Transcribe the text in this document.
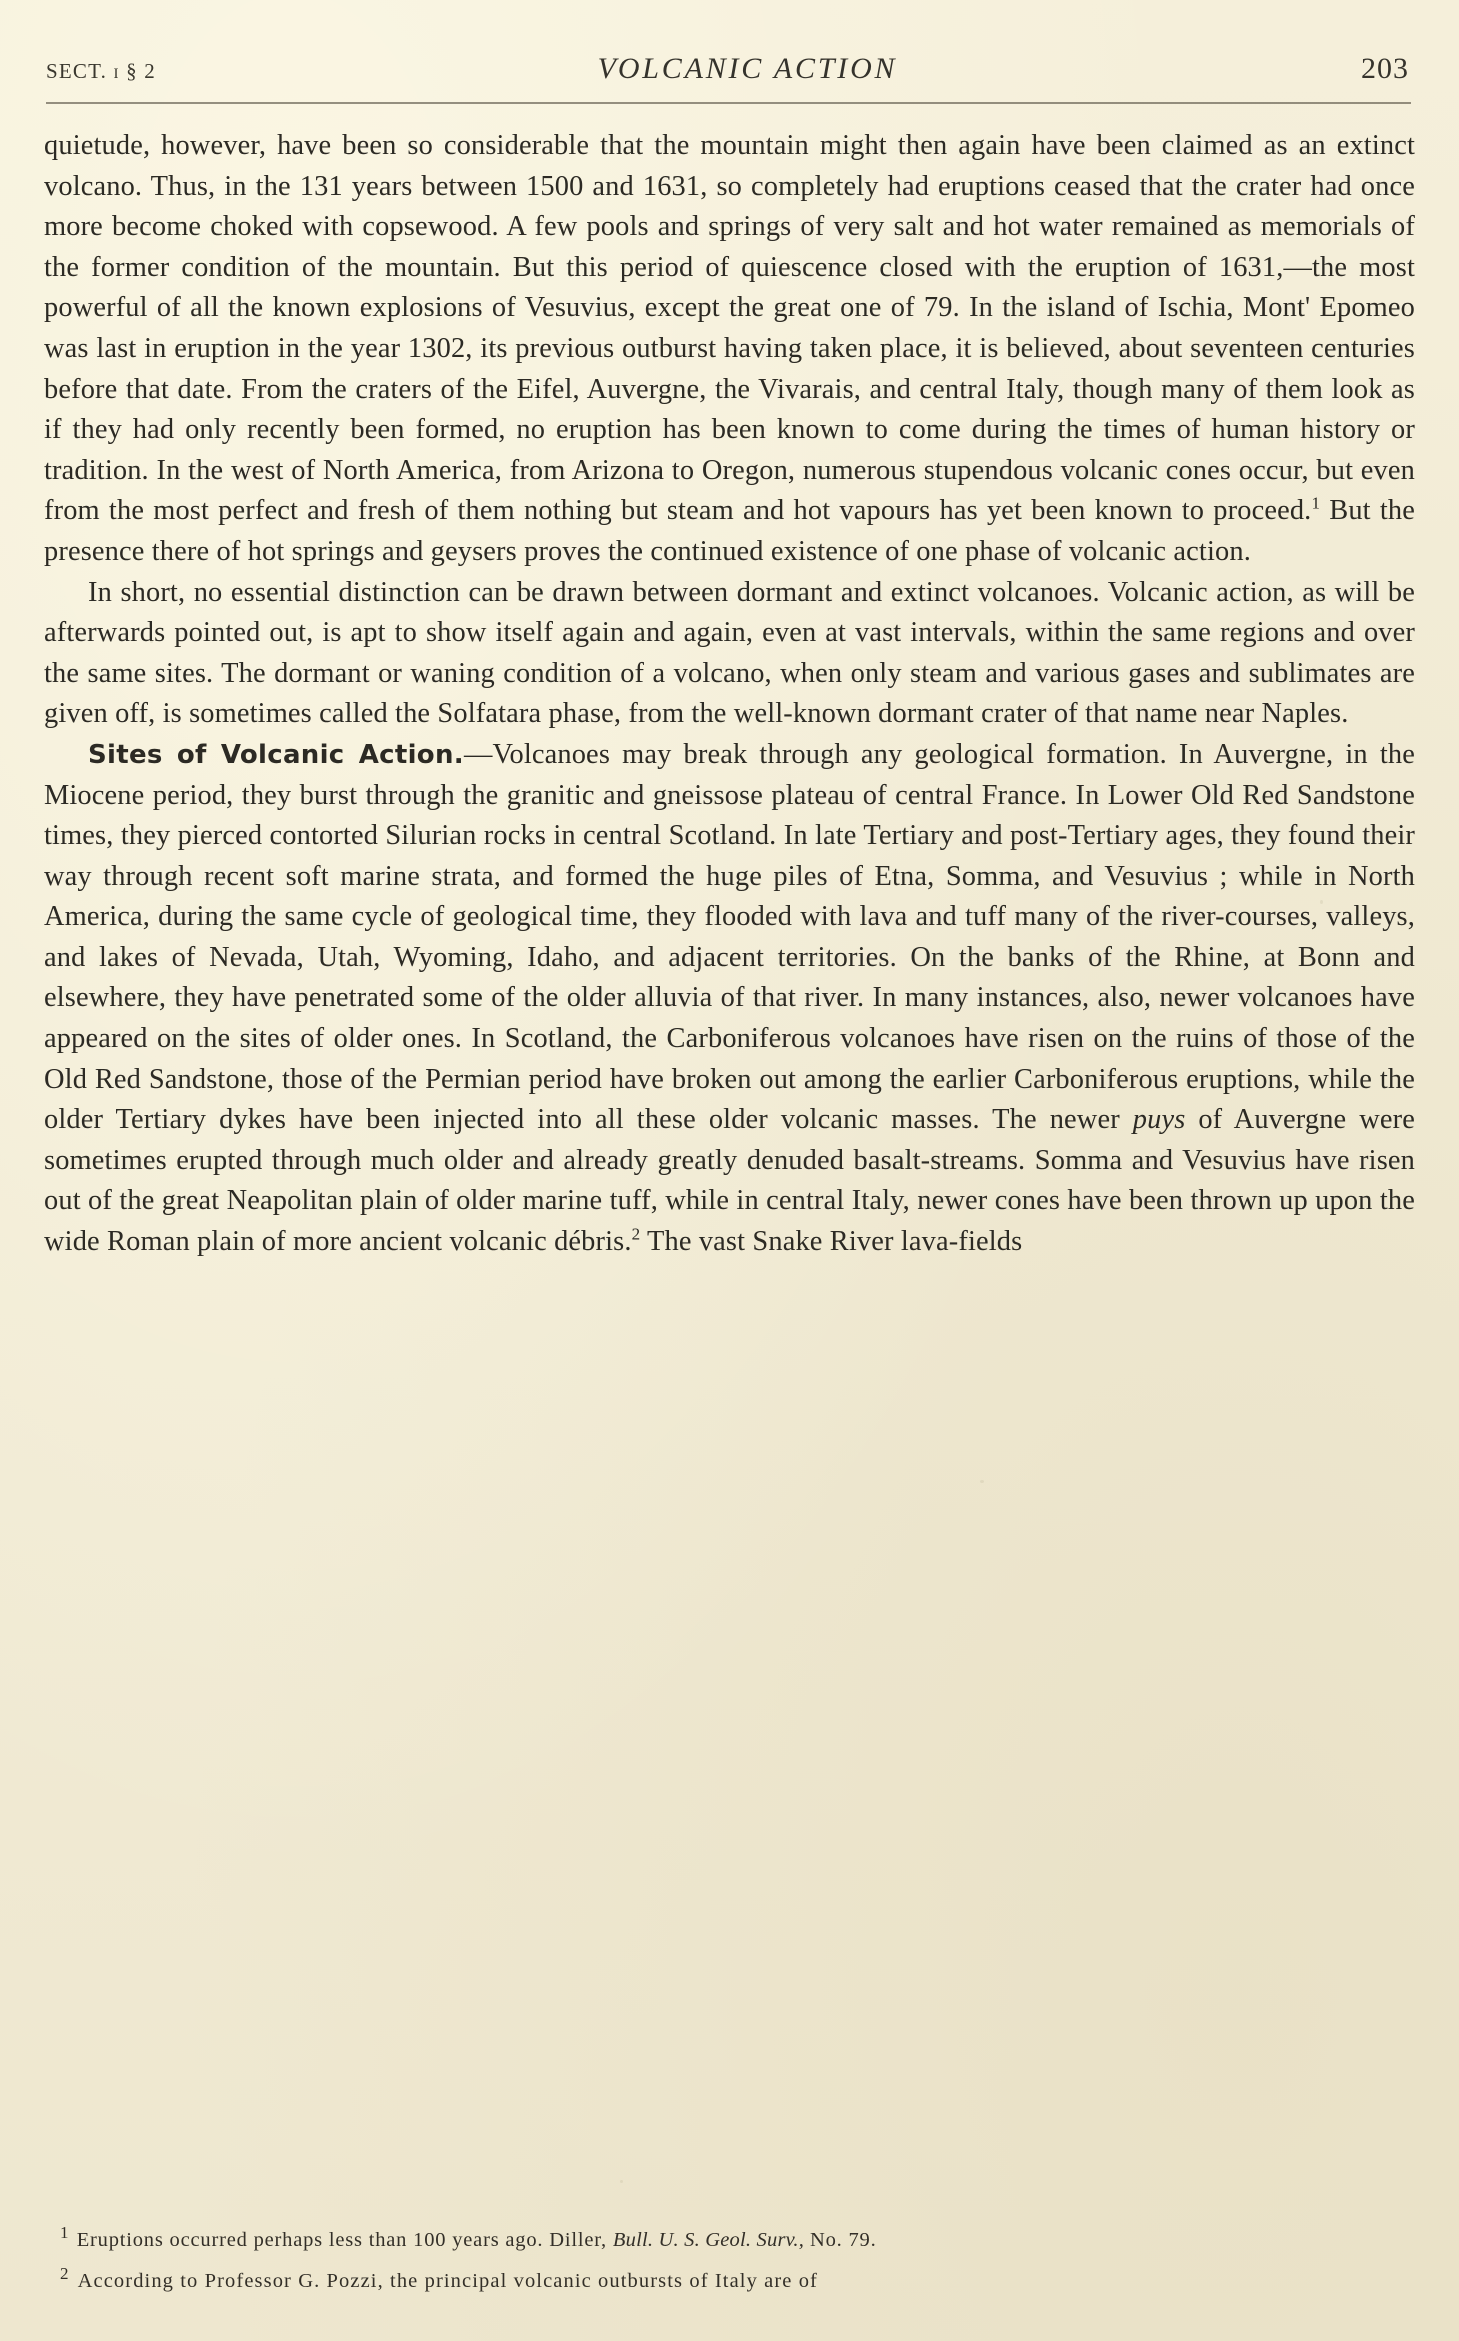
SECT. i § 2	VOLCANIC ACTION	203

quietude, however, have been so considerable that the mountain might then again have been claimed as an extinct volcano. Thus, in the 131 years between 1500 and 1631, so completely had eruptions ceased that the crater had once more become choked with copsewood. A few pools and springs of very salt and hot water remained as memorials of the former condition of the mountain. But this period of quiescence closed with the eruption of 1631,—the most powerful of all the known explosions of Vesuvius, except the great one of 79. In the island of Ischia, Mont' Epomeo was last in eruption in the year 1302, its previous outburst having taken place, it is believed, about seventeen centuries before that date. From the craters of the Eifel, Auvergne, the Vivarais, and central Italy, though many of them look as if they had only recently been formed, no eruption has been known to come during the times of human history or tradition. In the west of North America, from Arizona to Oregon, numerous stupendous volcanic cones occur, but even from the most perfect and fresh of them nothing but steam and hot vapours has yet been known to proceed.$^1$ But the presence there of hot springs and geysers proves the continued existence of one phase of volcanic action.

In short, no essential distinction can be drawn between dormant and extinct volcanoes. Volcanic action, as will be afterwards pointed out, is apt to show itself again and again, even at vast intervals, within the same regions and over the same sites. The dormant or waning condition of a volcano, when only steam and various gases and sublimates are given off, is sometimes called the Solfatara phase, from the well-known dormant crater of that name near Naples.

Sites of Volcanic Action.—Volcanoes may break through any geological formation. In Auvergne, in the Miocene period, they burst through the granitic and gneissose plateau of central France. In Lower Old Red Sandstone times, they pierced contorted Silurian rocks in central Scotland. In late Tertiary and post-Tertiary ages, they found their way through recent soft marine strata, and formed the huge piles of Etna, Somma, and Vesuvius ; while in North America, during the same cycle of geological time, they flooded with lava and tuff many of the river-courses, valleys, and lakes of Nevada, Utah, Wyoming, Idaho, and adjacent territories. On the banks of the Rhine, at Bonn and elsewhere, they have penetrated some of the older alluvia of that river. In many instances, also, newer volcanoes have appeared on the sites of older ones. In Scotland, the Carboniferous volcanoes have risen on the ruins of those of the Old Red Sandstone, those of the Permian period have broken out among the earlier Carboniferous eruptions, while the older Tertiary dykes have been injected into all these older volcanic masses. The newer puys of Auvergne were sometimes erupted through much older and already greatly denuded basalt-streams. Somma and Vesuvius have risen out of the great Neapolitan plain of older marine tuff, while in central Italy, newer cones have been thrown up upon the wide Roman plain of more ancient volcanic débris.$^2$ The vast Snake River lava-fields

$^1$ Eruptions occurred perhaps less than 100 years ago. Diller, Bull. U. S. Geol. Surv., No. 79.
$^2$ According to Professor G. Pozzi, the principal volcanic outbursts of Italy are of
